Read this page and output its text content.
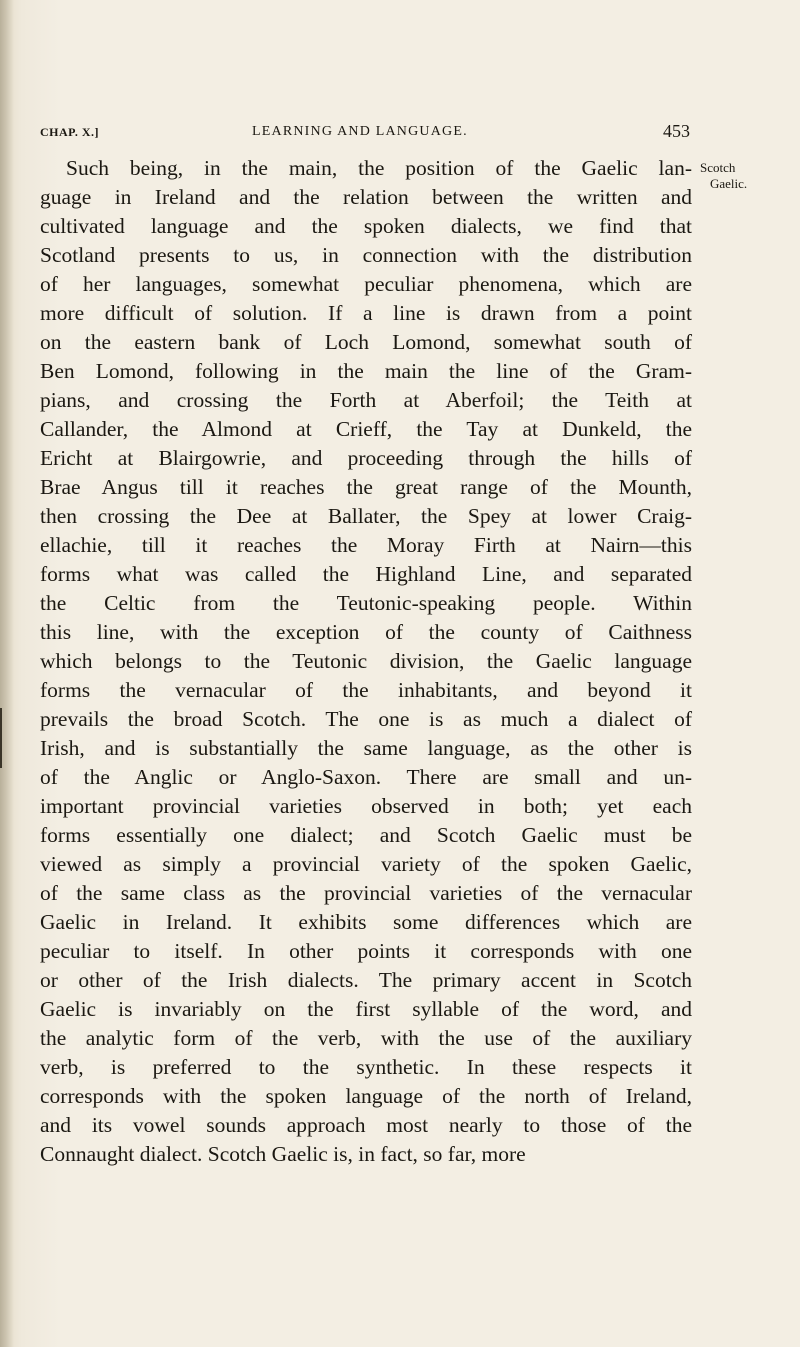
CHAP. X.]	LEARNING AND LANGUAGE.	453
Scotch
Gaelic.
Such being, in the main, the position of the Gaelic lan-
guage in Ireland and the relation between the written and
cultivated language and the spoken dialects, we find that
Scotland presents to us, in connection with the distribution
of her languages, somewhat peculiar phenomena, which are
more difficult of solution. If a line is drawn from a point
on the eastern bank of Loch Lomond, somewhat south of
Ben Lomond, following in the main the line of the Gram-
pians, and crossing the Forth at Aberfoil; the Teith at
Callander, the Almond at Crieff, the Tay at Dunkeld, the
Ericht at Blairgowrie, and proceeding through the hills of
Brae Angus till it reaches the great range of the Mounth,
then crossing the Dee at Ballater, the Spey at lower Craig-
ellachie, till it reaches the Moray Firth at Nairn—this
forms what was called the Highland Line, and separated
the Celtic from the Teutonic-speaking people. Within
this line, with the exception of the county of Caithness
which belongs to the Teutonic division, the Gaelic language
forms the vernacular of the inhabitants, and beyond it
prevails the broad Scotch. The one is as much a dialect of
Irish, and is substantially the same language, as the other is
of the Anglic or Anglo-Saxon. There are small and un-
important provincial varieties observed in both; yet each
forms essentially one dialect; and Scotch Gaelic must be
viewed as simply a provincial variety of the spoken Gaelic,
of the same class as the provincial varieties of the vernacular
Gaelic in Ireland. It exhibits some differences which are
peculiar to itself. In other points it corresponds with one
or other of the Irish dialects. The primary accent in Scotch
Gaelic is invariably on the first syllable of the word, and
the analytic form of the verb, with the use of the auxiliary
verb, is preferred to the synthetic. In these respects it
corresponds with the spoken language of the north of Ireland,
and its vowel sounds approach most nearly to those of the
Connaught dialect. Scotch Gaelic is, in fact, so far, more
